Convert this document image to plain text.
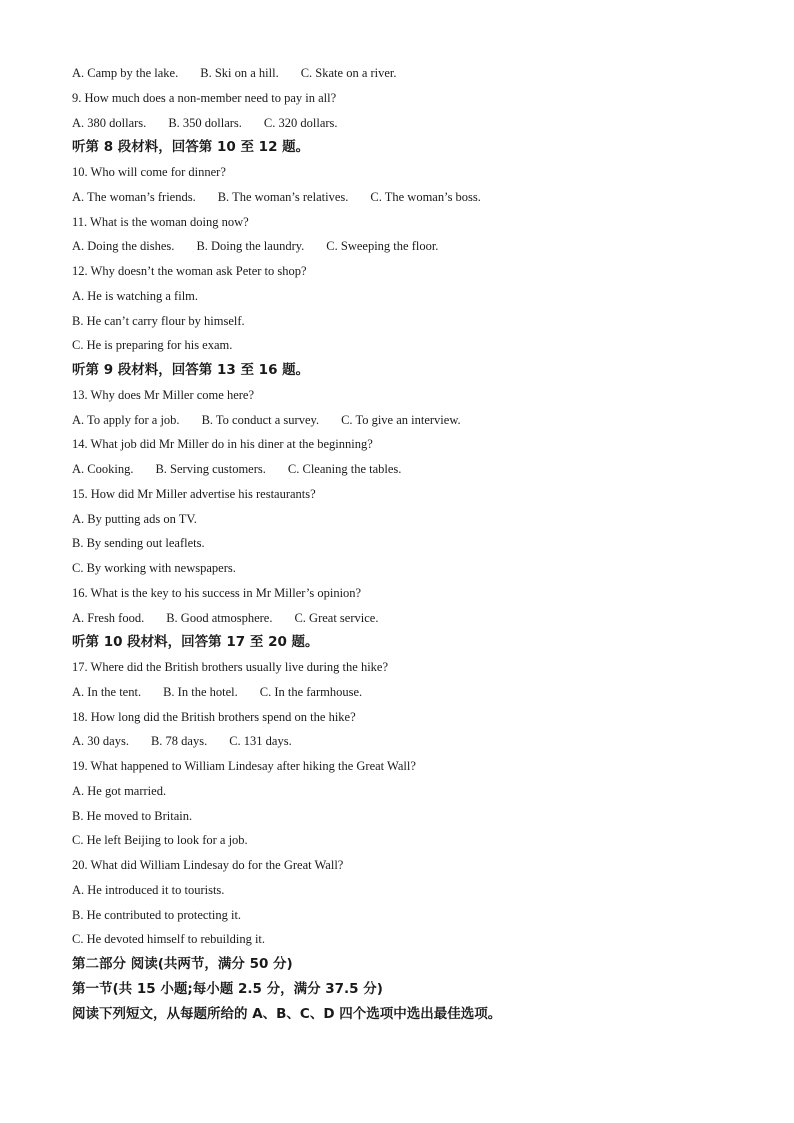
A. Camp by the lake. B. Ski on a hill. C. Skate on a river.
9. How much does a non-member need to pay in all?
A. 380 dollars. B. 350 dollars. C. 320 dollars.
听第 8 段材料，回答第 10 至 12 题。
10. Who will come for dinner?
A. The woman’s friends. B. The woman’s relatives. C. The woman’s boss.
11. What is the woman doing now?
A. Doing the dishes. B. Doing the laundry. C. Sweeping the floor.
12. Why doesn’t the woman ask Peter to shop?
A. He is watching a film.
B. He can’t carry flour by himself.
C. He is preparing for his exam.
听第 9 段材料，回答第 13 至 16 题。
13. Why does Mr Miller come here?
A. To apply for a job. B. To conduct a survey. C. To give an interview.
14. What job did Mr Miller do in his diner at the beginning?
A. Cooking. B. Serving customers. C. Cleaning the tables.
15. How did Mr Miller advertise his restaurants?
A. By putting ads on TV.
B. By sending out leaflets.
C. By working with newspapers.
16. What is the key to his success in Mr Miller’s opinion?
A. Fresh food. B. Good atmosphere. C. Great service.
听第 10 段材料，回答第 17 至 20 题。
17. Where did the British brothers usually live during the hike?
A. In the tent. B. In the hotel. C. In the farmhouse.
18. How long did the British brothers spend on the hike?
A. 30 days. B. 78 days. C. 131 days.
19. What happened to William Lindesay after hiking the Great Wall?
A. He got married.
B. He moved to Britain.
C. He left Beijing to look for a job.
20. What did William Lindesay do for the Great Wall?
A. He introduced it to tourists.
B. He contributed to protecting it.
C. He devoted himself to rebuilding it.
第二部分 阅读(共两节，满分 50 分)
第一节(共 15 小题;每小题 2.5 分，满分 37.5 分)
阅读下列短文，从每题所给的 A、B、C、D 四个选项中选出最佳选项。
